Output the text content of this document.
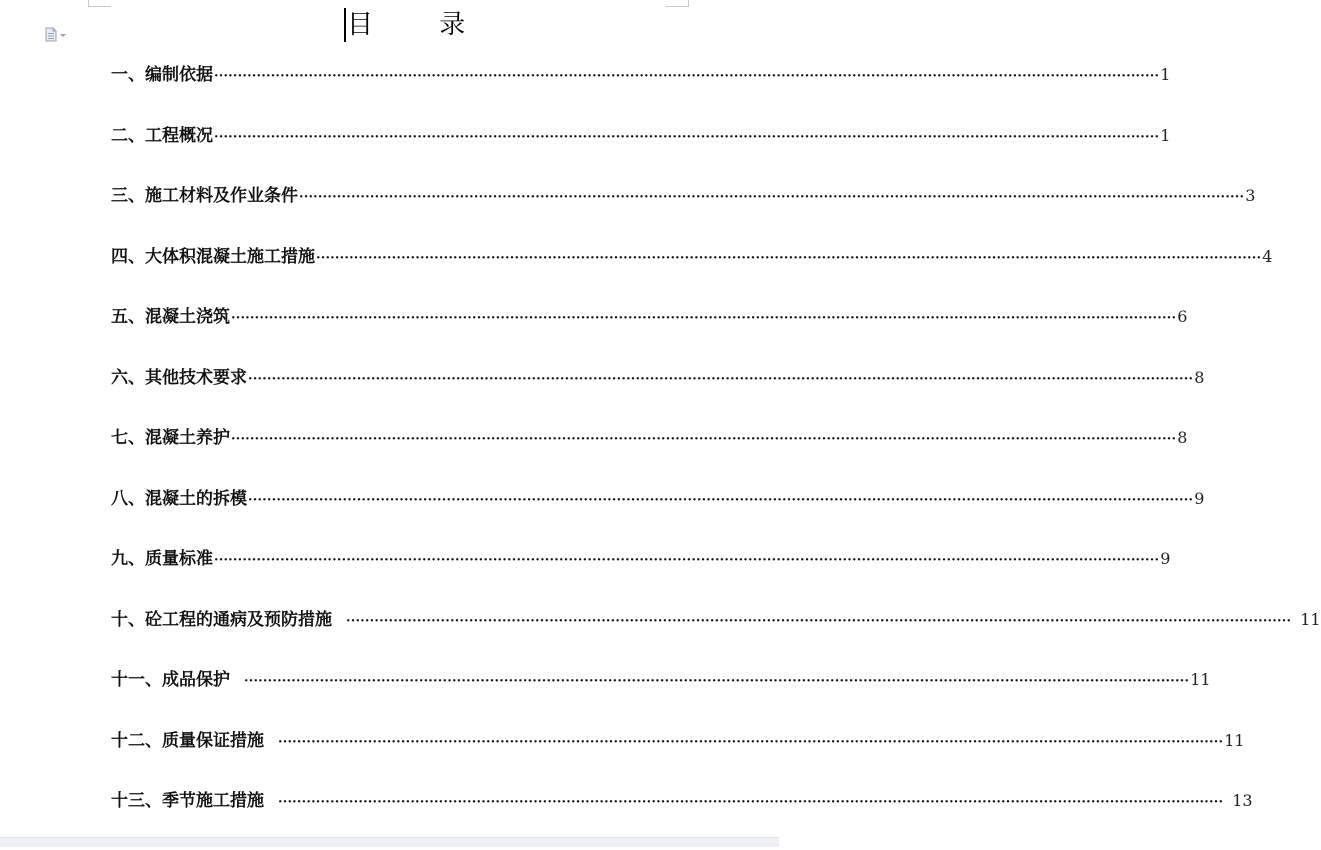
目 录
一、编制依据 ········································································································································································································ 1
二、工程概况 ········································································································································································································ 1
三、施工材料及作业条件 ········································································································································································································ 3
四、大体积混凝土施工措施 ········································································································································································································ 4
五、混凝土浇筑 ········································································································································································································ 6
六、其他技术要求 ········································································································································································································ 8
七、混凝土养护 ········································································································································································································ 8
八、混凝土的拆模 ········································································································································································································ 9
九、质量标准 ········································································································································································································ 9
十、砼工程的通病及预防措施 ········································································································································································································ 11
十一、成品保护 ········································································································································································································ 11
十二、质量保证措施 ········································································································································································································ 11
十三、季节施工措施 ········································································································································································································ 13
